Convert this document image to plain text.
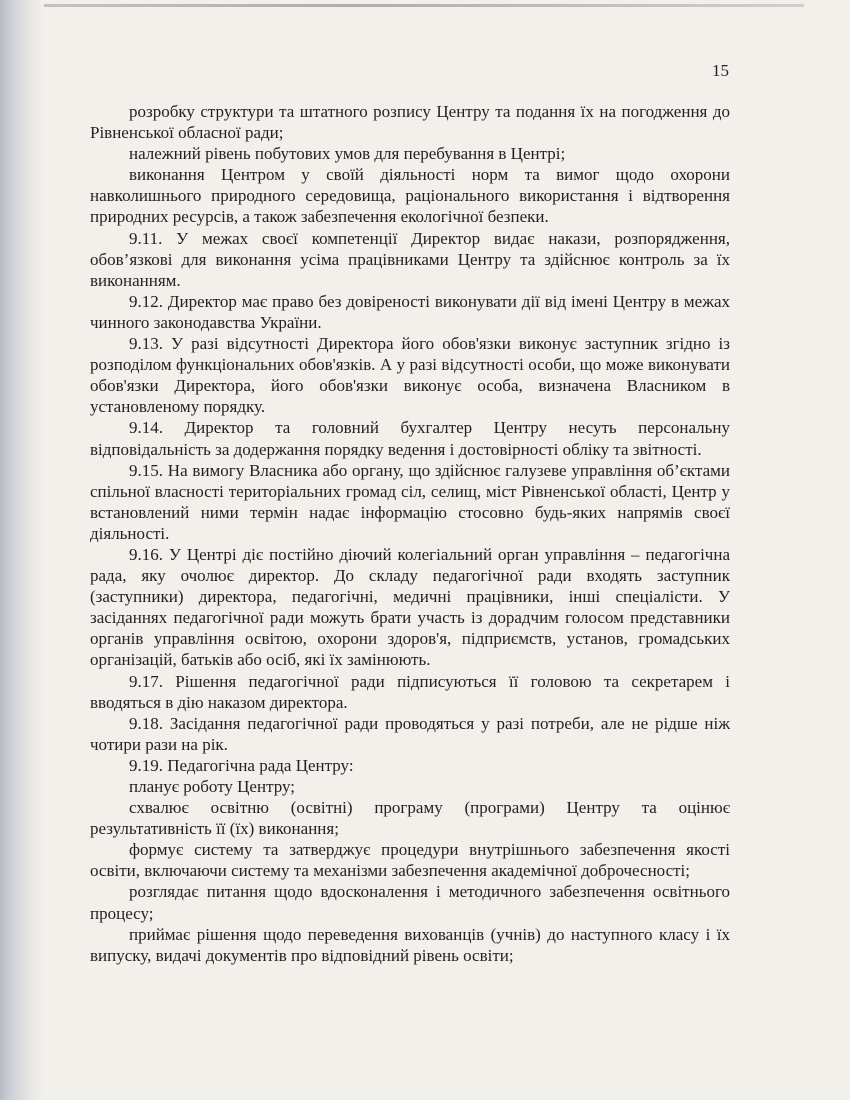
15

розробку структури та штатного розпису Центру та подання їх на погодження до Рівненської обласної ради;

належний рівень побутових умов для перебування в Центрі;

виконання Центром у своїй діяльності норм та вимог щодо охорони навколишнього природного середовища, раціонального використання і відтворення природних ресурсів, а також забезпечення екологічної безпеки.

9.11. У межах своєї компетенції Директор видає накази, розпорядження, обов’язкові для виконання усіма працівниками Центру та здійснює контроль за їх виконанням.

9.12. Директор має право без довіреності виконувати дії від імені Центру в межах чинного законодавства України.

9.13. У разі відсутності Директора його обов'язки виконує заступник згідно із розподілом функціональних обов'язків. А у разі відсутності особи, що може виконувати обов'язки Директора, його обов'язки виконує особа, визначена Власником в установленому порядку.

9.14. Директор та головний бухгалтер Центру несуть персональну відповідальність за додержання порядку ведення і достовірності обліку та звітності.

9.15. На вимогу Власника або органу, що здійснює галузеве управління об’єктами спільної власності територіальних громад сіл, селищ, міст Рівненської області, Центр у встановлений ними термін надає інформацію стосовно будь-яких напрямів своєї діяльності.

9.16. У Центрі діє постійно діючий колегіальний орган управління – педагогічна рада, яку очолює директор. До складу педагогічної ради входять заступник (заступники) директора, педагогічні, медичні працівники, інші спеціалісти. У засіданнях педагогічної ради можуть брати участь із дорадчим голосом представники органів управління освітою, охорони здоров'я, підприємств, установ, громадських організацій, батьків або осіб, які їх замінюють.

9.17. Рішення педагогічної ради підписуються її головою та секретарем і вводяться в дію наказом директора.

9.18. Засідання педагогічної ради проводяться у разі потреби, але не рідше ніж чотири рази на рік.

9.19. Педагогічна рада Центру:

планує роботу Центру;

схвалює освітню (освітні) програму (програми) Центру та оцінює результативність її (їх) виконання;

формує систему та затверджує процедури внутрішнього забезпечення якості освіти, включаючи систему та механізми забезпечення академічної доброчесності;

розглядає питання щодо вдосконалення і методичного забезпечення освітнього процесу;

приймає рішення щодо переведення вихованців (учнів) до наступного класу і їх випуску, видачі документів про відповідний рівень освіти;
